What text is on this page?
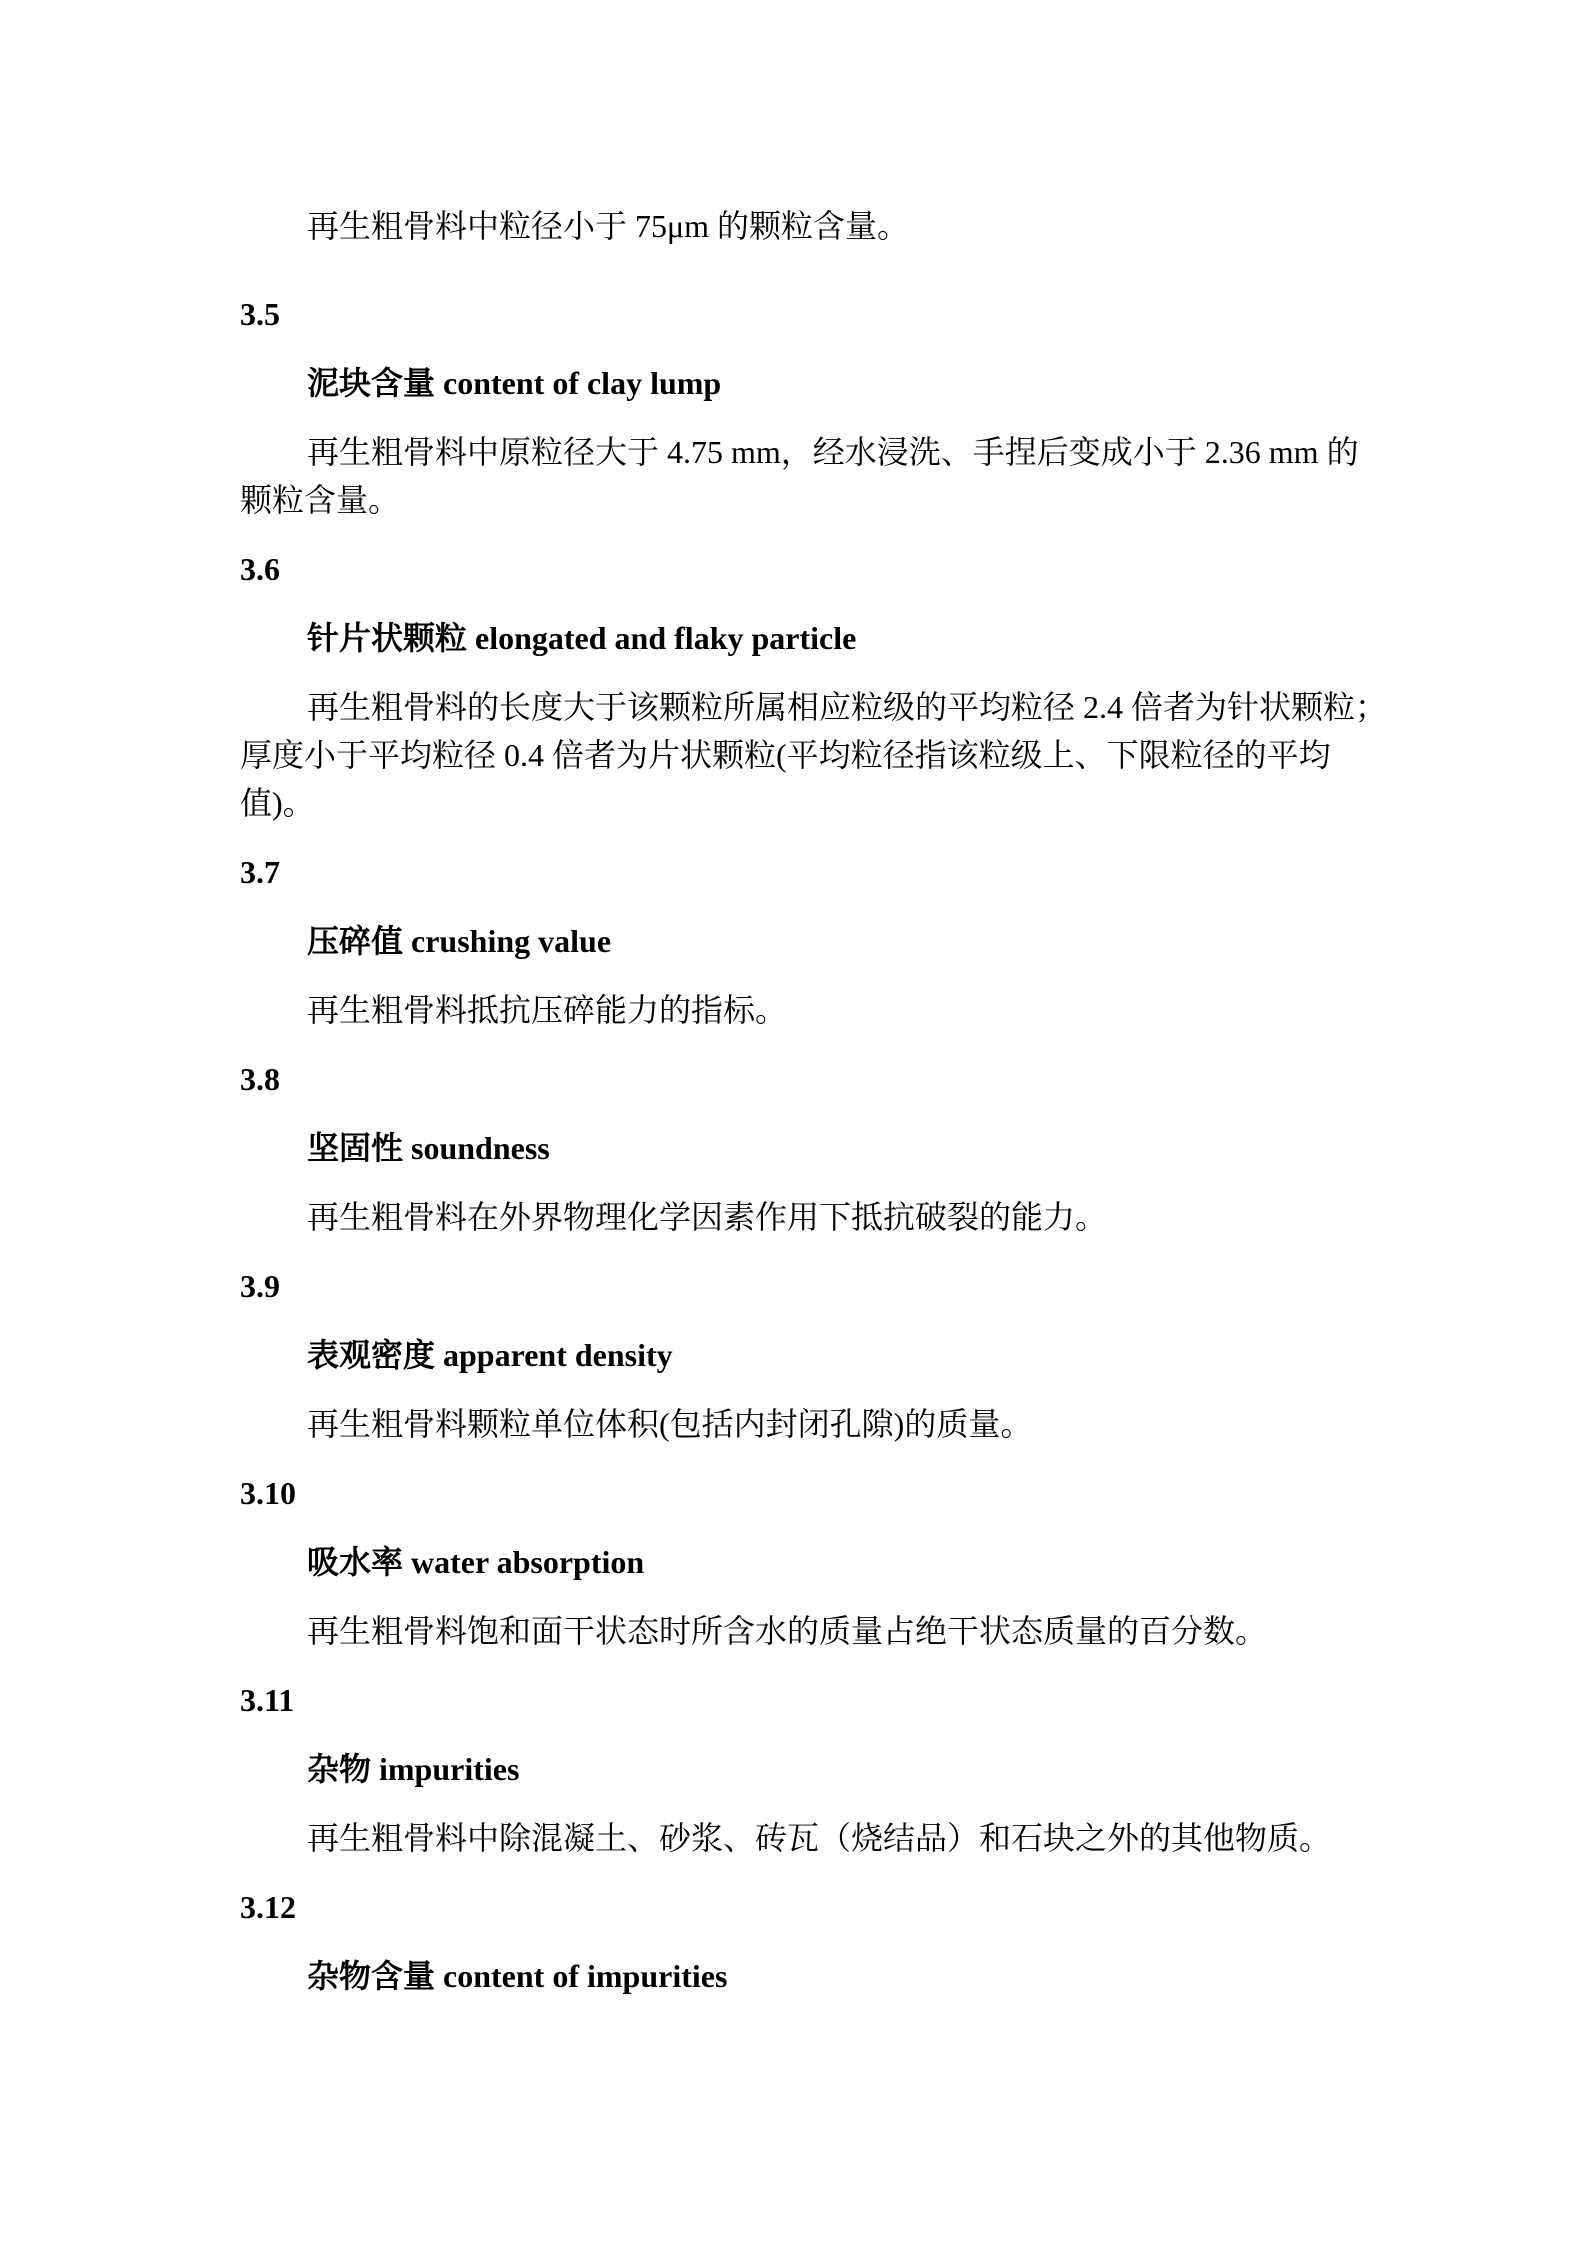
再生粗骨料中粒径小于 75μm 的颗粒含量。
3.5
泥块含量 content of clay lump
再生粗骨料中原粒径大于 4.75 mm，经水浸洗、手捏后变成小于 2.36 mm 的
颗粒含量。
3.6
针片状颗粒 elongated and flaky particle
再生粗骨料的长度大于该颗粒所属相应粒级的平均粒径 2.4 倍者为针状颗粒；
厚度小于平均粒径 0.4 倍者为片状颗粒(平均粒径指该粒级上、下限粒径的平均
值)。
3.7
压碎值 crushing value
再生粗骨料抵抗压碎能力的指标。
3.8
坚固性 soundness
再生粗骨料在外界物理化学因素作用下抵抗破裂的能力。
3.9
表观密度 apparent density
再生粗骨料颗粒单位体积(包括内封闭孔隙)的质量。
3.10
吸水率 water absorption
再生粗骨料饱和面干状态时所含水的质量占绝干状态质量的百分数。
3.11
杂物 impurities
再生粗骨料中除混凝土、砂浆、砖瓦（烧结品）和石块之外的其他物质。
3.12
杂物含量 content of impurities
